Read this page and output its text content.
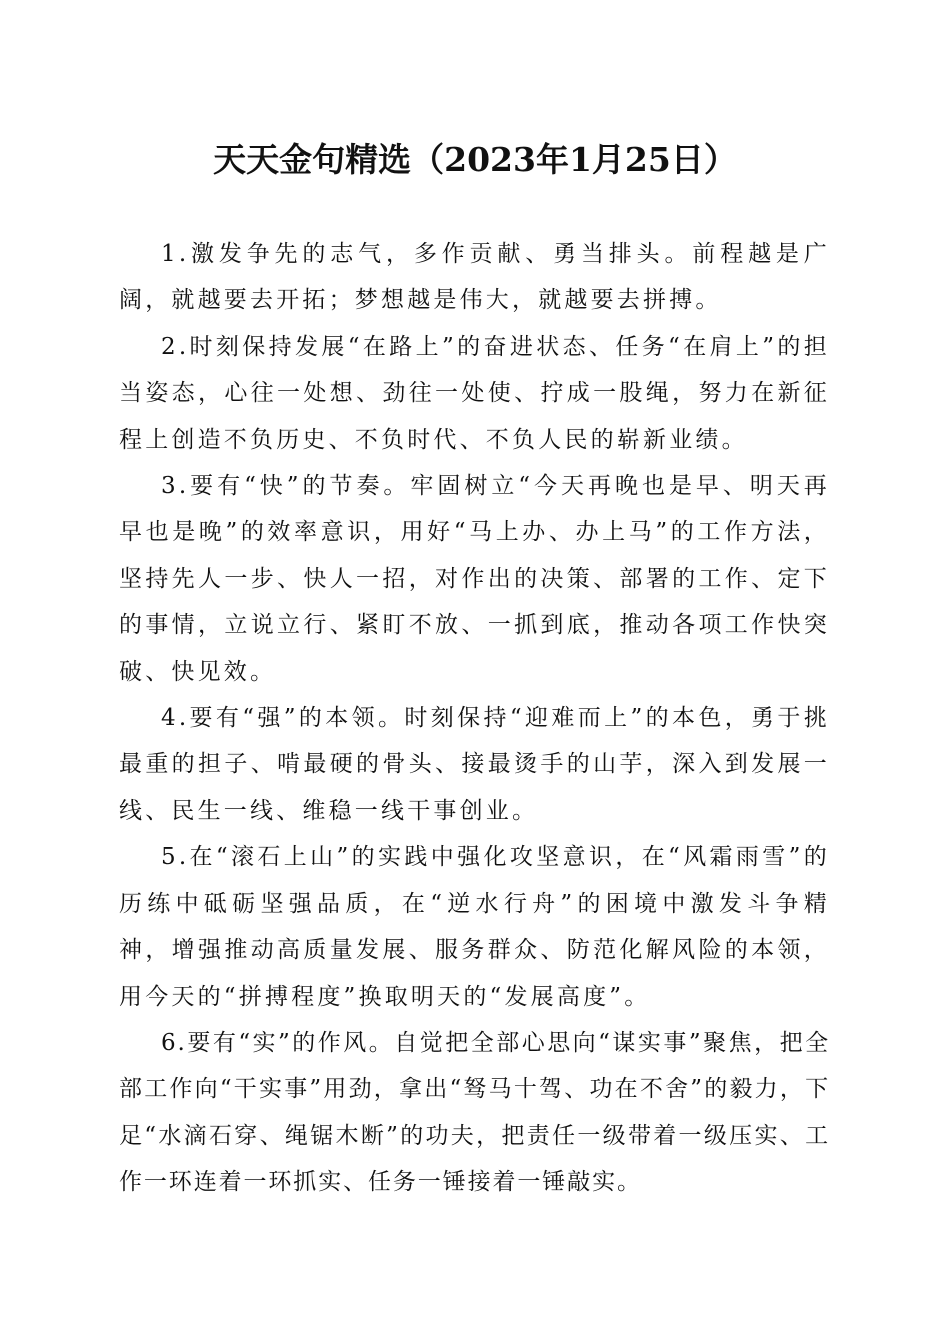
天天金句精选（2023年1月25日）

1.激发争先的志气，多作贡献、勇当排头。前程越是广阔，就越要去开拓；梦想越是伟大，就越要去拼搏。

2.时刻保持发展“在路上”的奋进状态、任务“在肩上”的担当姿态，心往一处想、劲往一处使、拧成一股绳，努力在新征程上创造不负历史、不负时代、不负人民的崭新业绩。

3.要有“快”的节奏。牢固树立“今天再晚也是早、明天再早也是晚”的效率意识，用好“马上办、办上马”的工作方法，坚持先人一步、快人一招，对作出的决策、部署的工作、定下的事情，立说立行、紧盯不放、一抓到底，推动各项工作快突破、快见效。

4.要有“强”的本领。时刻保持“迎难而上”的本色，勇于挑最重的担子、啃最硬的骨头、接最烫手的山芋，深入到发展一线、民生一线、维稳一线干事创业。

5.在“滚石上山”的实践中强化攻坚意识，在“风霜雨雪”的历练中砥砺坚强品质，在“逆水行舟”的困境中激发斗争精神，增强推动高质量发展、服务群众、防范化解风险的本领，用今天的“拼搏程度”换取明天的“发展高度”。

6.要有“实”的作风。自觉把全部心思向“谋实事”聚焦，把全部工作向“干实事”用劲，拿出“驽马十驾、功在不舍”的毅力，下足“水滴石穿、绳锯木断”的功夫，把责任一级带着一级压实、工作一环连着一环抓实、任务一锤接着一锤敲实。
